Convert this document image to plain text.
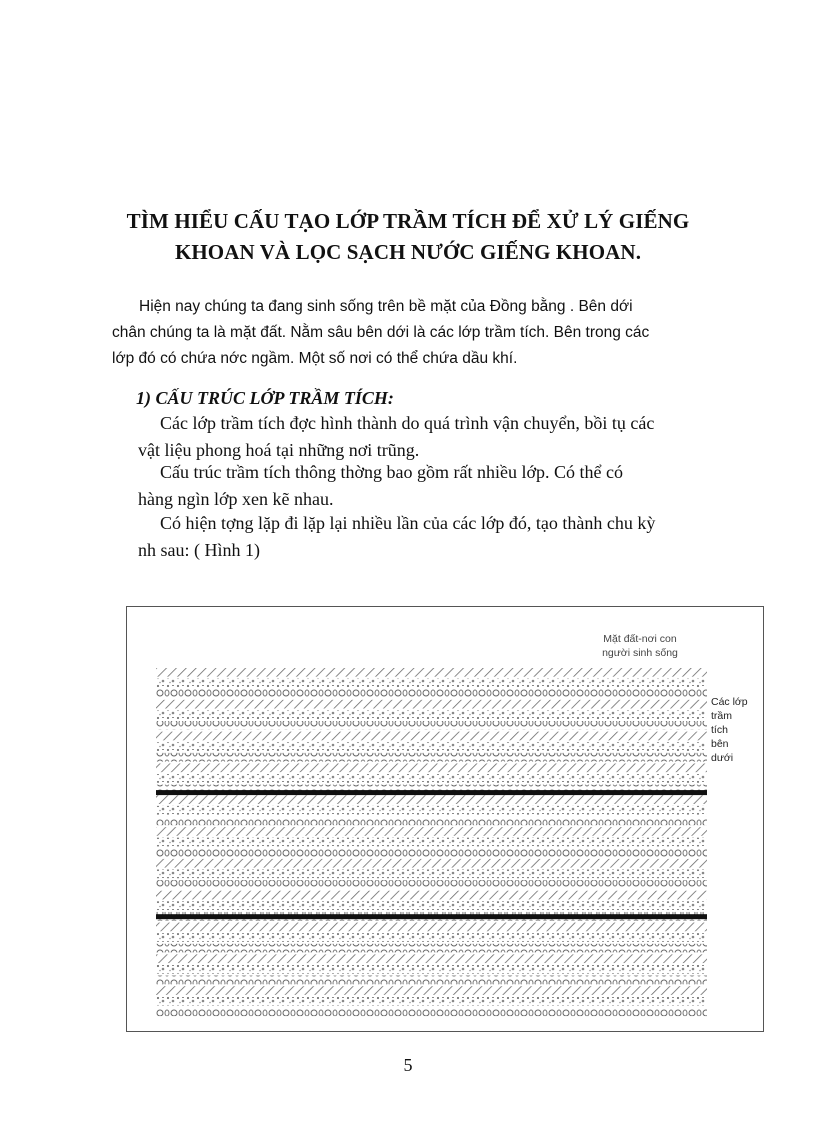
TÌM HIỂU CẤU TẠO LỚP TRẦM TÍCH ĐỂ XỬ LÝ GIẾNG
KHOAN VÀ LỌC SẠCH NƯỚC GIẾNG KHOAN.
Hiện nay chúng ta đang sinh sống trên bề mặt của Đồng bằng . Bên dới
chân chúng ta là mặt đất. Nằm sâu bên dới là các lớp trầm tích. Bên trong các
lớp đó có chứa nớc ngầm. Một số nơi có thể chứa dầu khí.
1) CẤU TRÚC LỚP TRẦM TÍCH:
Các lớp trầm tích đợc hình thành do quá trình vận chuyển, bồi tụ các
vật liệu phong hoá tại những nơi trũng.
Cấu trúc trầm tích thông thờng bao gồm rất nhiều lớp. Có thể có
hàng ngìn lớp xen kẽ nhau.
Có hiện tợng lặp đi lặp lại nhiều lần của các lớp đó, tạo thành chu kỳ
nh sau: ( Hình 1)
Mặt đất-nơi con
người sinh sống
Các lớp
trầm
tích
bên
dưới
5
